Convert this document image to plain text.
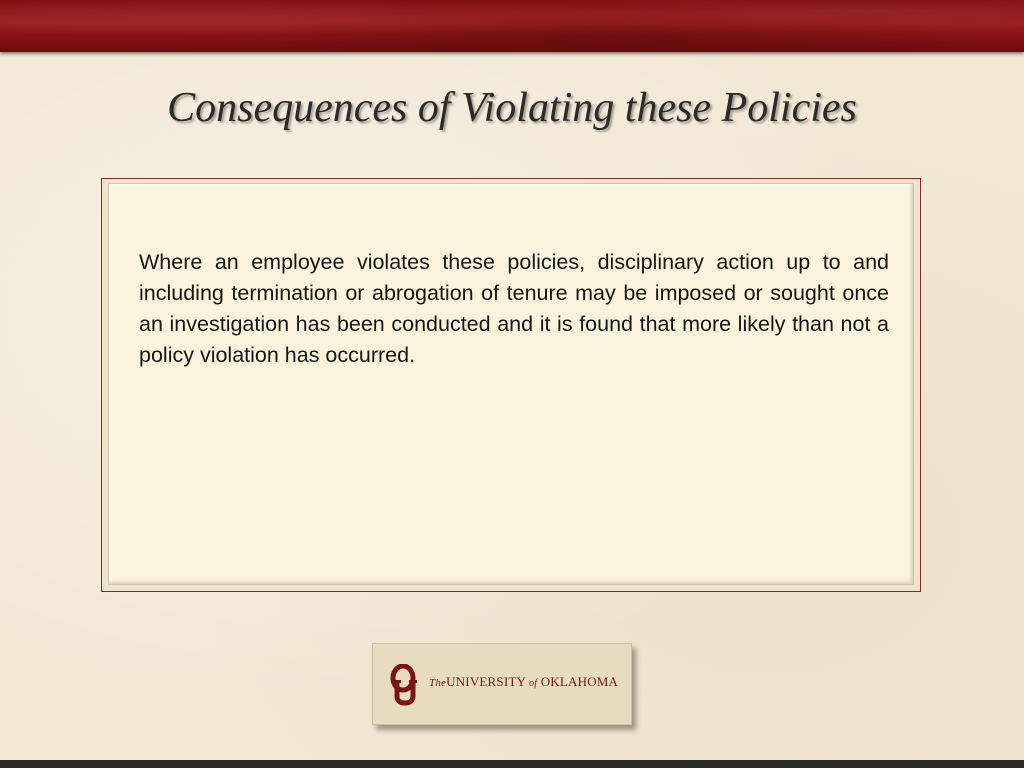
Consequences of Violating these Policies
Where an employee violates these policies, disciplinary action up to and including termination or abrogation of tenure may be imposed or sought once an investigation has been conducted and it is found that more likely than not a policy violation has occurred.
TheUNIVERSITY of OKLAHOMA
